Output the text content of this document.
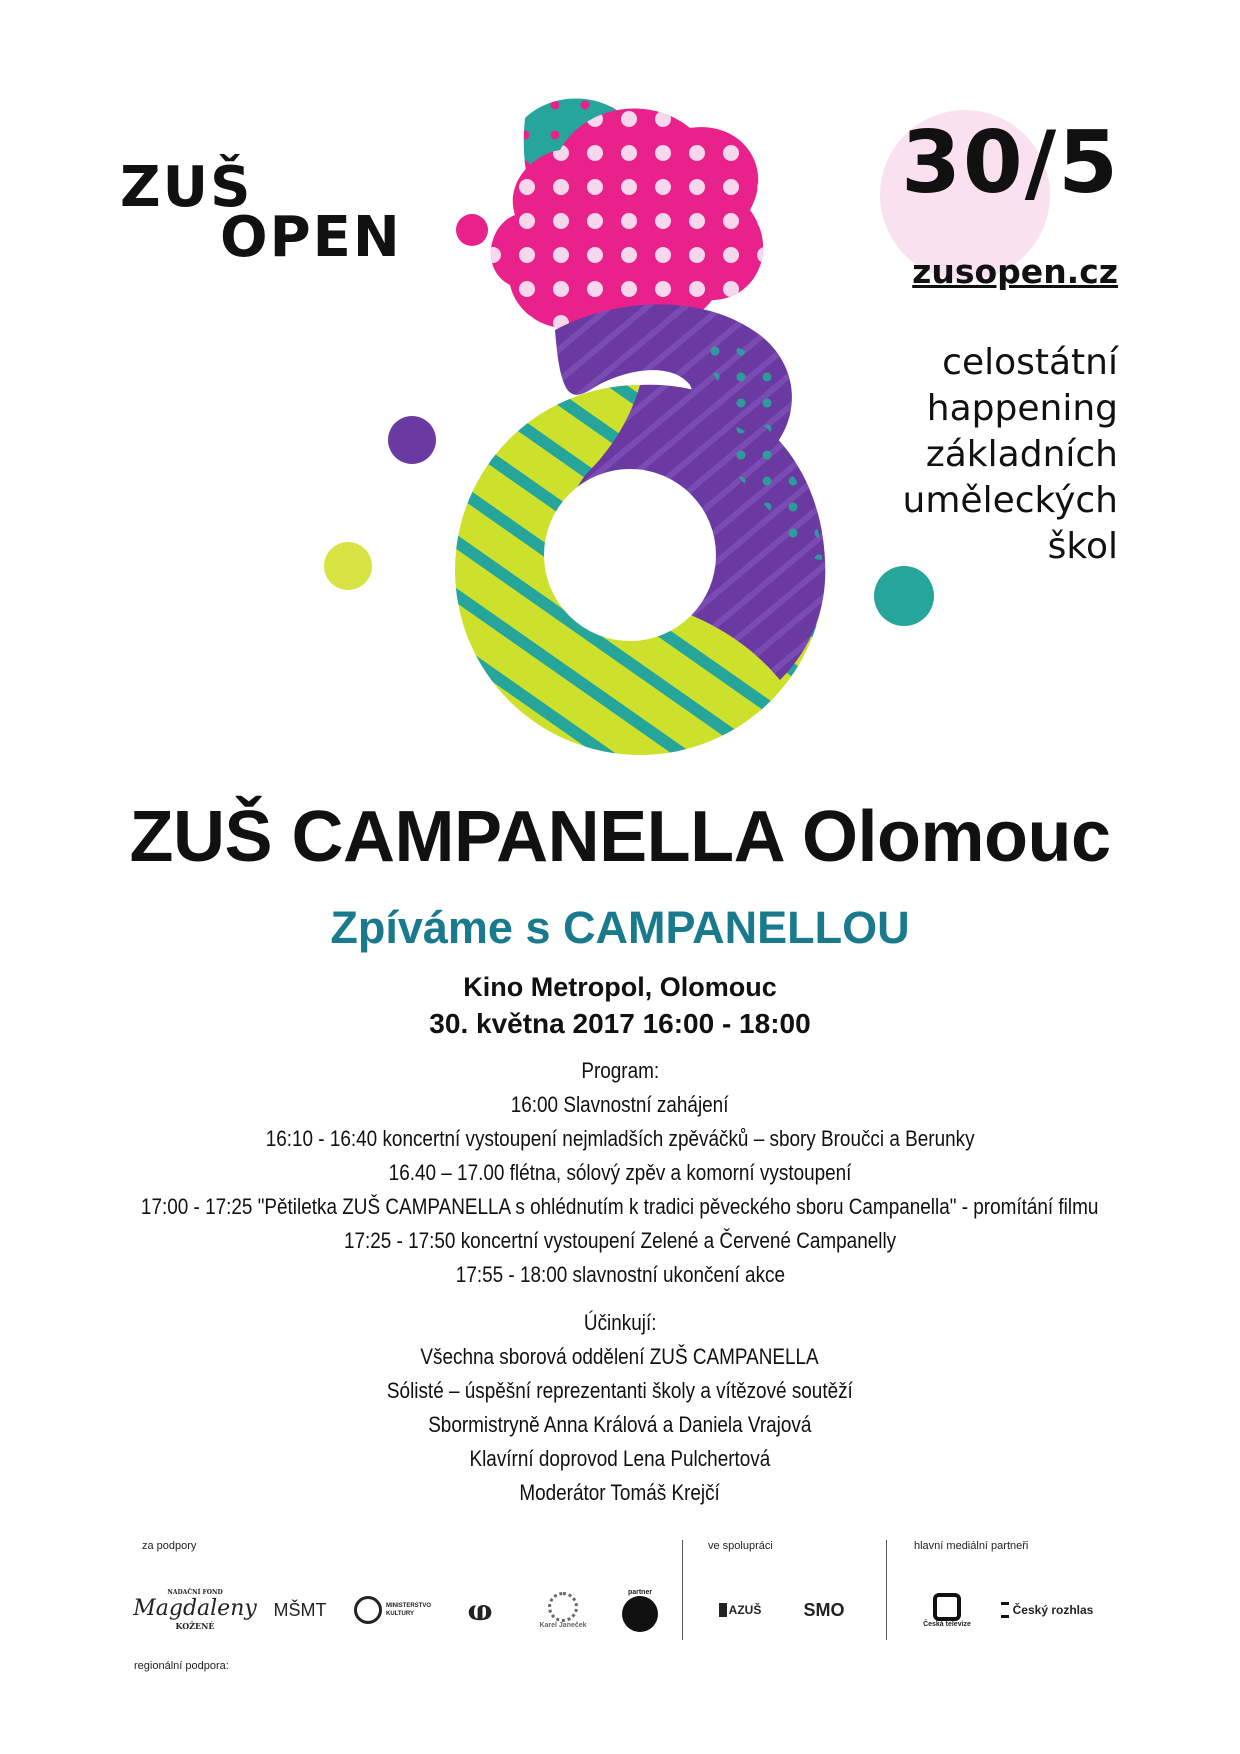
ZUŠ
OPEN
30/5
zusopen.cz
celostátní
happening
základních
uměleckých
škol
ZUŠ CAMPANELLA Olomouc
Zpíváme s CAMPANELLOU
Kino Metropol, Olomouc
30. května 2017 16:00 - 18:00
Program:
16:00 Slavnostní zahájení
16:10 - 16:40 koncertní vystoupení nejmladších zpěváčků – sbory Broučci a Berunky
16.40 – 17.00 flétna, sólový zpěv a komorní vystoupení
17:00 - 17:25 "Pětiletka ZUŠ CAMPANELLA s ohlédnutím k tradici pěveckého sboru Campanella" - promítání filmu
17:25 - 17:50 koncertní vystoupení Zelené a Červené Campanelly
17:55 - 18:00 slavnostní ukončení akce
Účinkují:
Všechna sborová oddělení ZUŠ CAMPANELLA
Sólisté – úspěšní reprezentanti školy a vítězové soutěží
Sbormistryně Anna Králová a Daniela Vrajová
Klavírní doprovod Lena Pulchertová
Moderátor Tomáš Krejčí
za podpory	ve spolupráci	hlavní mediální partneři
NADAČNÍ FOND
Magdaleny
KOŽENÉ
MŠMT	MINISTERSTVO KULTURY	ⱷ	Karel Janeček
partner
AZUŠ	SMO
Česká televize
Český rozhlas
regionální podpora:
